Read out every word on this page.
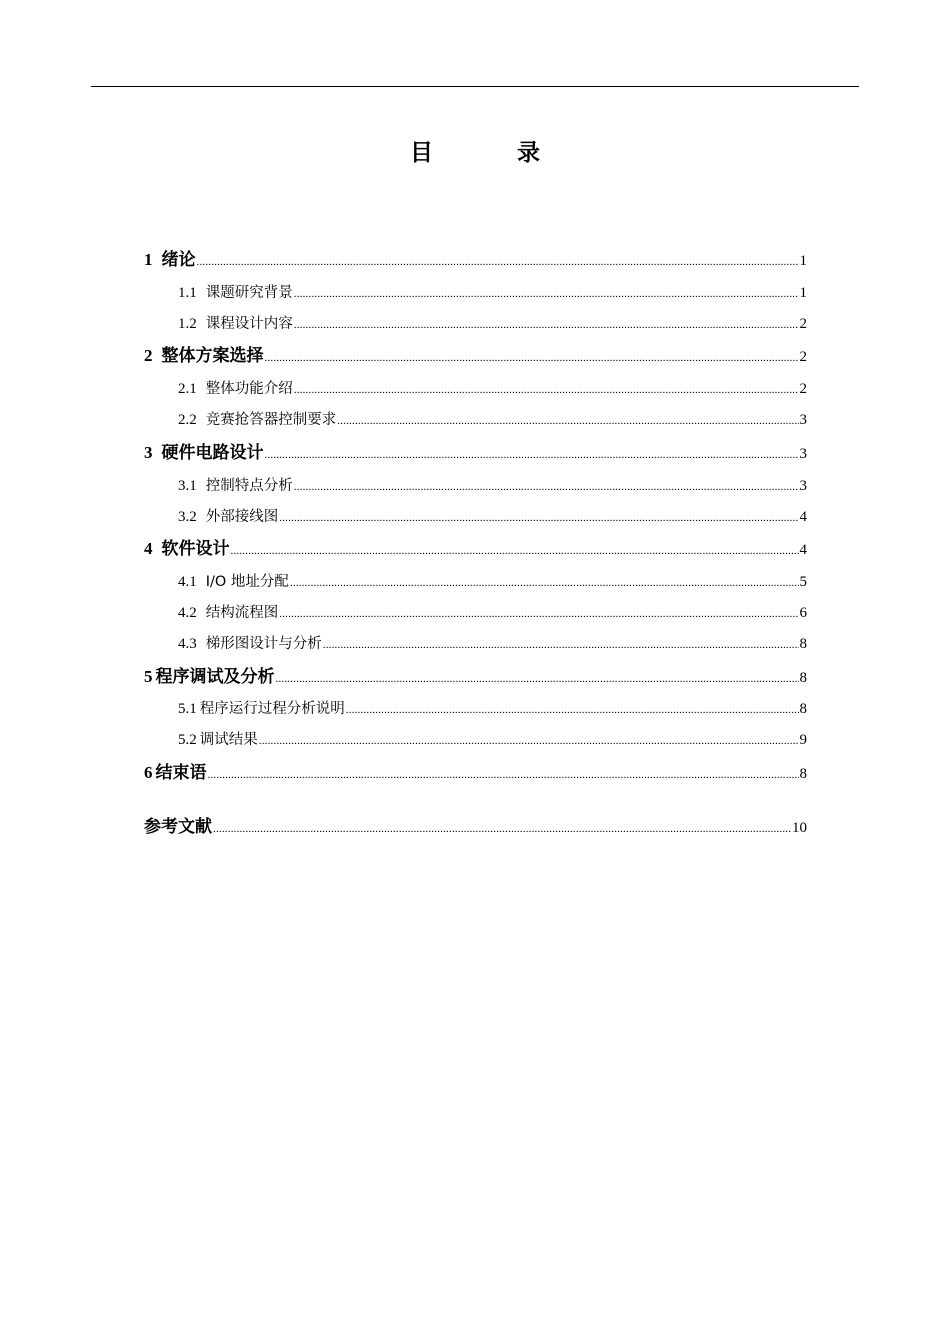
目 录
1 绪论 .....	1
1.1 课题研究背景 .....	1
1.2 课程设计内容 .....	2
2 整体方案选择 .....	2
2.1 整体功能介绍 .....	2
2.2 竞赛抢答器控制要求 .....	3
3 硬件电路设计 .....	3
3.1 控制特点分析 .....	3
3.2 外部接线图 .....	4
4 软件设计 .....	4
4.1 I/O 地址分配 .....	5
4.2 结构流程图 .....	6
4.3 梯形图设计与分析 .....	8
5 程序调试及分析 .....	8
5.1 程序运行过程分析说明 .....	8
5.2 调试结果 .....	9
6 结束语 .....	8
参考文献 .....	10
